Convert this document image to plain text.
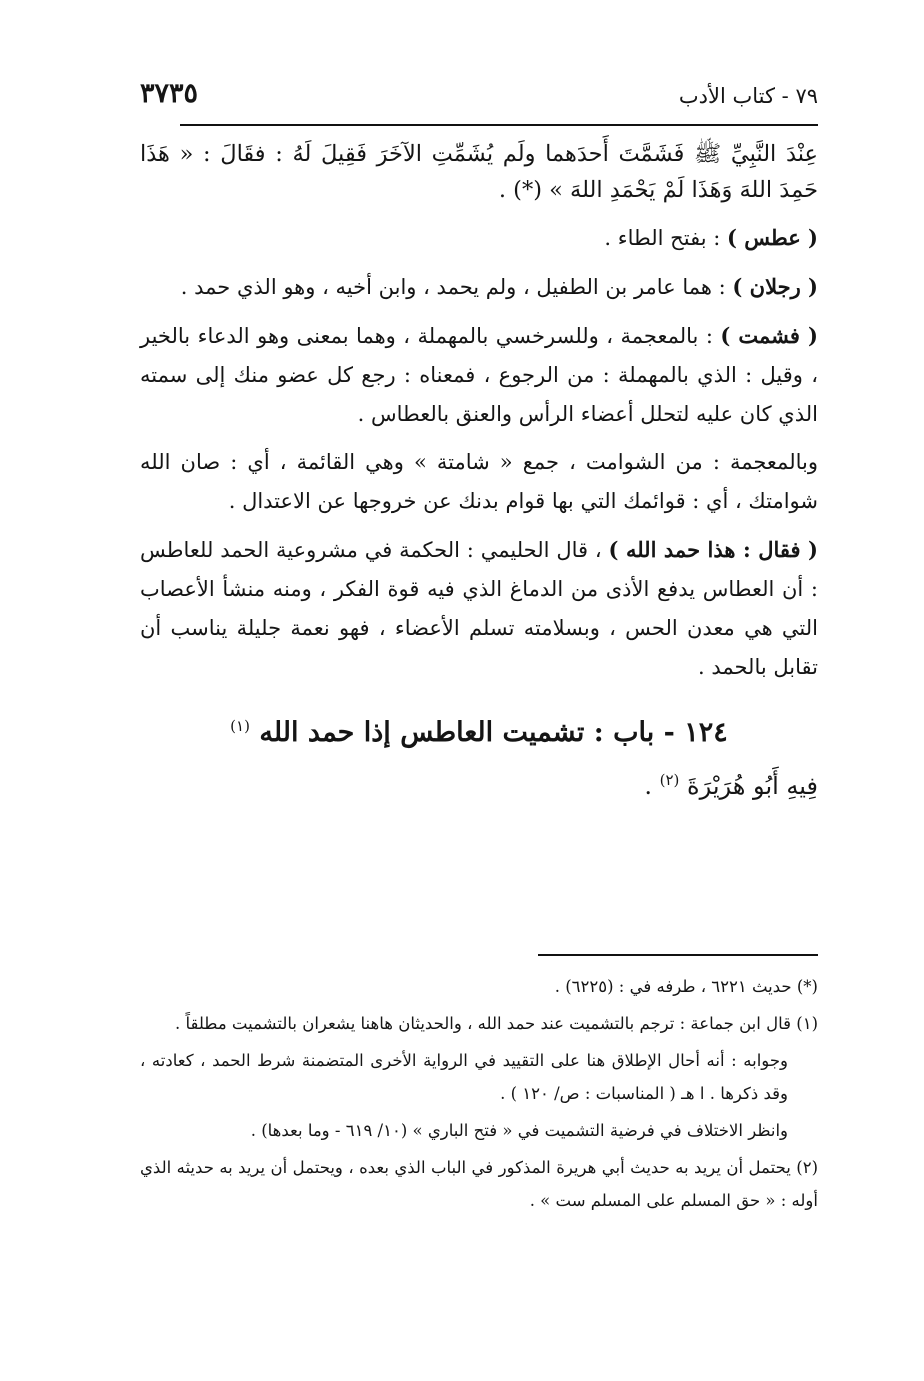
٧٩ - كتاب الأدب
٣٧٣٥

عِنْدَ النَّبِيِّ ﷺ فَشَمَّتَ أَحدَهما ولَم يُشَمِّتِ الآخَرَ فَقِيلَ لَهُ : فقَالَ : « هَذَا حَمِدَ اللهَ وَهَذَا لَمْ يَحْمَدِ اللهَ » (*) .

( عطس ) : بفتح الطاء .

( رجلان ) : هما عامر بن الطفيل ، ولم يحمد ، وابن أخيه ، وهو الذي حمد .

( فشمت ) : بالمعجمة ، وللسرخسي بالمهملة ، وهما بمعنى وهو الدعاء بالخير ، وقيل : الذي بالمهملة : من الرجوع ، فمعناه : رجع كل عضو منك إلى سمته الذي كان عليه لتحلل أعضاء الرأس والعنق بالعطاس .

وبالمعجمة : من الشوامت ، جمع « شامتة » وهي القائمة ، أي : صان الله شوامتك ، أي : قوائمك التي بها قوام بدنك عن خروجها عن الاعتدال .

( فقال : هذا حمد الله ) ، قال الحليمي : الحكمة في مشروعية الحمد للعاطس : أن العطاس يدفع الأذى من الدماغ الذي فيه قوة الفكر ، ومنه منشأ الأعصاب التي هي معدن الحس ، وبسلامته تسلم الأعضاء ، فهو نعمة جليلة يناسب أن تقابل بالحمد .

١٢٤ - باب : تشميت العاطس إذا حمد الله $^{(١)}$

فِيهِ أَبُو هُرَيْرَةَ $^{(٢)}$ .

(*) حديث ٦٢٢١ ، طرفه في : (٦٢٢٥) .

(١) قال ابن جماعة : ترجم بالتشميت عند حمد الله ، والحديثان هاهنا يشعران بالتشميت مطلقاً .

وجوابه : أنه أحال الإطلاق هنا على التقييد في الرواية الأخرى المتضمنة شرط الحمد ، كعادته ، وقد ذكرها . ا هـ ( المناسبات : ص/ ١٢٠ ) .

وانظر الاختلاف في فرضية التشميت في « فتح الباري » (١٠/ ٦١٩ - وما بعدها) .

(٢) يحتمل أن يريد به حديث أبي هريرة المذكور في الباب الذي بعده ، ويحتمل أن يريد به حديثه الذي أوله : « حق المسلم على المسلم ست » .
